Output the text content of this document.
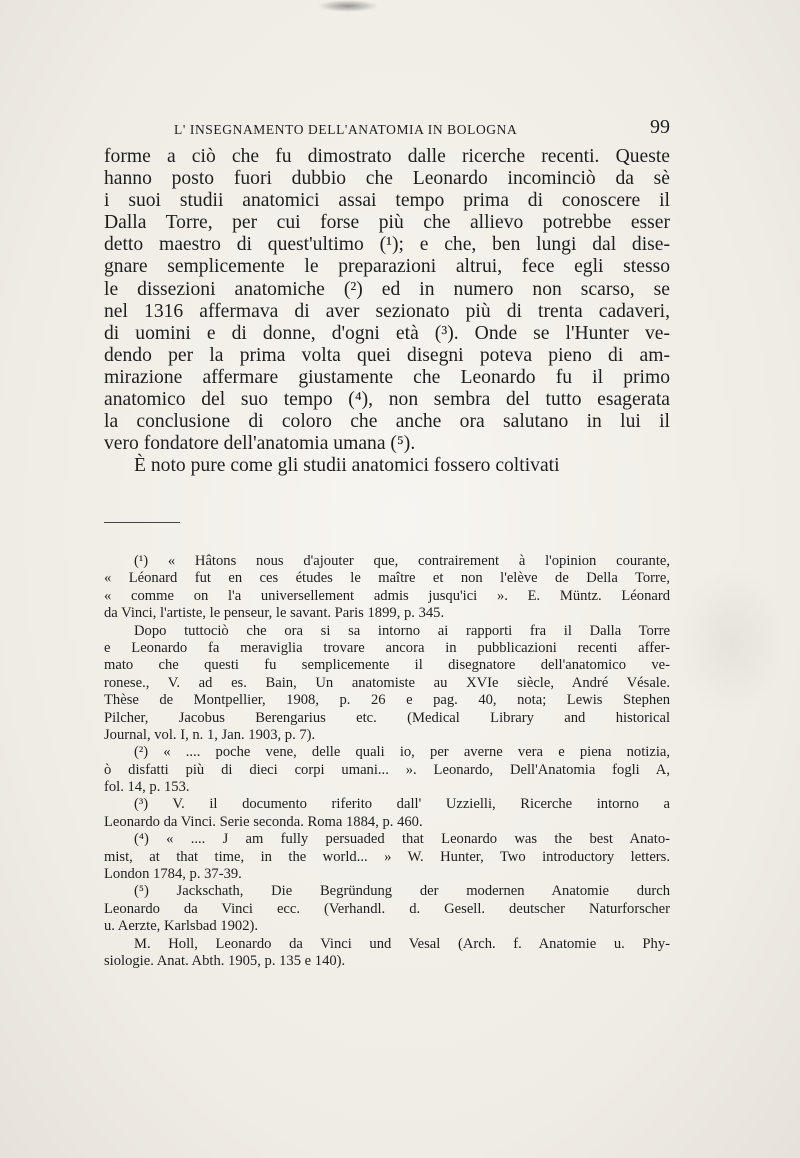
L' INSEGNAMENTO DELL'ANATOMIA IN BOLOGNA	99
forme a ciò che fu dimostrato dalle ricerche recenti. Queste
hanno posto fuori dubbio che Leonardo incominciò da sè
i suoi studii anatomici assai tempo prima di conoscere il
Dalla Torre, per cui forse più che allievo potrebbe esser
detto maestro di quest'ultimo (¹); e che, ben lungi dal dise-
gnare semplicemente le preparazioni altrui, fece egli stesso
le dissezioni anatomiche (²) ed in numero non scarso, se
nel 1316 affermava di aver sezionato più di trenta cadaveri,
di uomini e di donne, d'ogni età (³). Onde se l'Hunter ve-
dendo per la prima volta quei disegni poteva pieno di am-
mirazione affermare giustamente che Leonardo fu il primo
anatomico del suo tempo (⁴), non sembra del tutto esagerata
la conclusione di coloro che anche ora salutano in lui il
vero fondatore dell'anatomia umana (⁵).
È noto pure come gli studii anatomici fossero coltivati
(¹) « Hâtons nous d'ajouter que, contrairement à l'opinion courante,
« Léonard fut en ces études le maître et non l'elève de Della Torre,
« comme on l'a universellement admis jusqu'ici ». E. Müntz. Léonard
da Vinci, l'artiste, le penseur, le savant. Paris 1899, p. 345.
Dopo tuttociò che ora si sa intorno ai rapporti fra il Dalla Torre
e Leonardo fa meraviglia trovare ancora in pubblicazioni recenti affer-
mato che questi fu semplicemente il disegnatore dell'anatomico ve-
ronese., V. ad es. Bain, Un anatomiste au XVIe siècle, André Vésale.
Thèse de Montpellier, 1908, p. 26 e pag. 40, nota; Lewis Stephen
Pilcher, Jacobus Berengarius etc. (Medical Library and historical
Journal, vol. I, n. 1, Jan. 1903, p. 7).
(²) « .... poche vene, delle quali io, per averne vera e piena notizia,
ò disfatti più di dieci corpi umani... ». Leonardo, Dell'Anatomia fogli A,
fol. 14, p. 153.
(³) V. il documento riferito dall' Uzzielli, Ricerche intorno a
Leonardo da Vinci. Serie seconda. Roma 1884, p. 460.
(⁴) « .... J am fully persuaded that Leonardo was the best Anato-
mist, at that time, in the world... » W. Hunter, Two introductory letters.
London 1784, p. 37-39.
(⁵) Jackschath, Die Begründung der modernen Anatomie durch
Leonardo da Vinci ecc. (Verhandl. d. Gesell. deutscher Naturforscher
u. Aerzte, Karlsbad 1902).
M. Holl, Leonardo da Vinci und Vesal (Arch. f. Anatomie u. Phy-
siologie. Anat. Abth. 1905, p. 135 e 140).
